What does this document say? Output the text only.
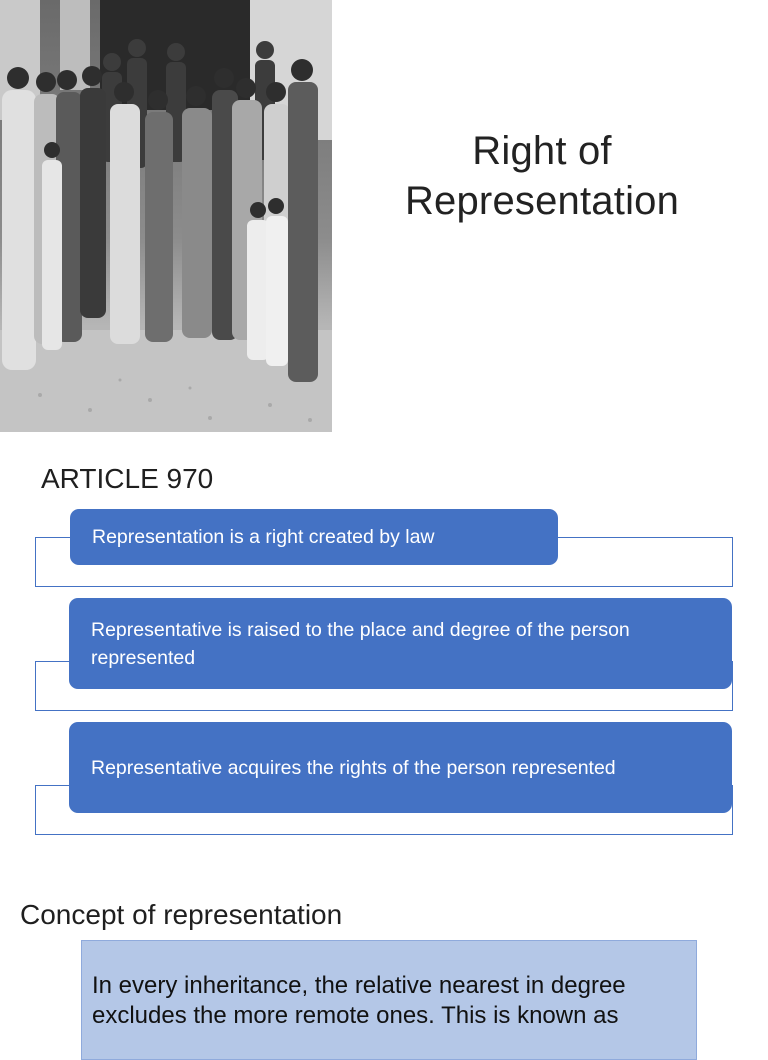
Right of
Representation
ARTICLE 970
Representation is a right created by law
Representative is raised to the place and degree of the person represented
Representative acquires the rights of the person represented
Concept of representation
In every inheritance, the relative nearest in degree excludes the more remote ones. This is known as
